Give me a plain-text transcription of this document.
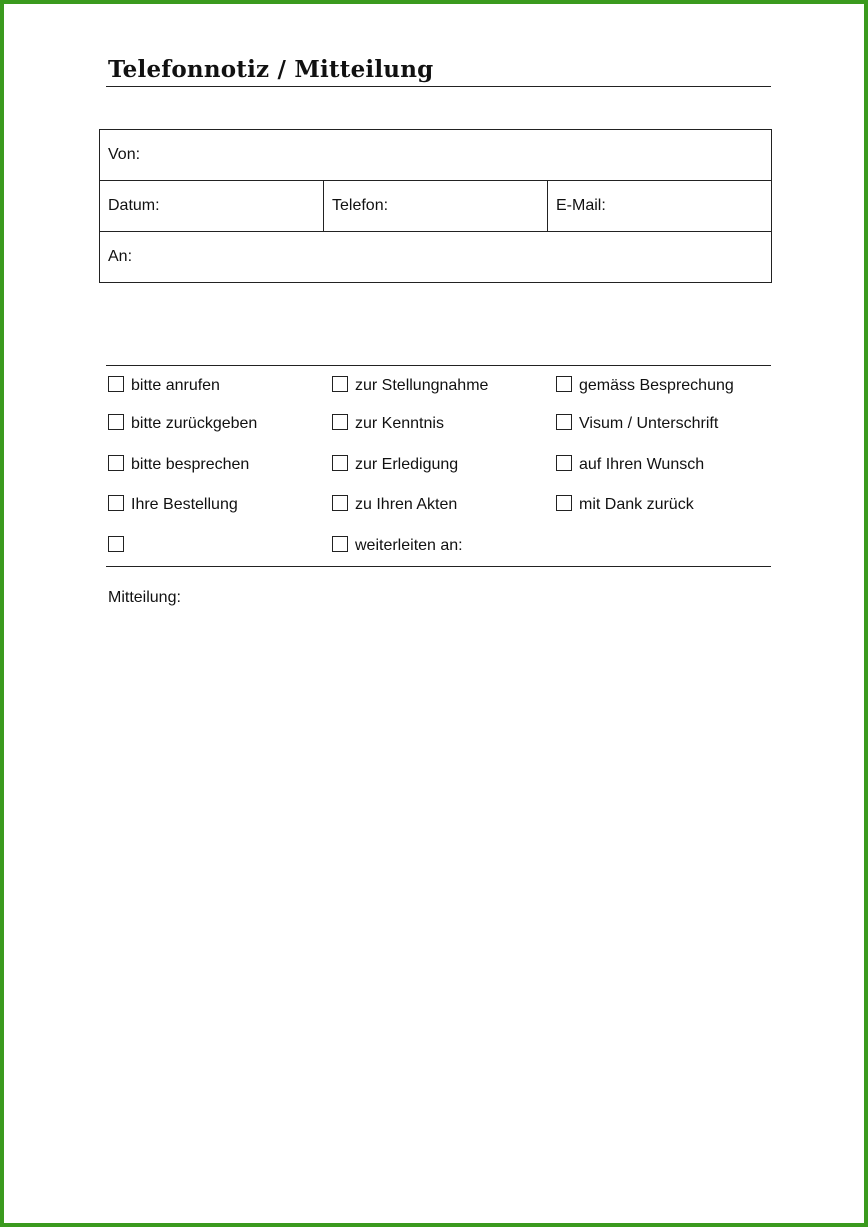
Telefonnotiz / Mitteilung
Von:
Datum:	Telefon:	E-Mail:
An:
bitte anrufen
bitte zurückgeben
bitte besprechen
Ihre Bestellung
zur Stellungnahme
zur Kenntnis
zur Erledigung
zu Ihren Akten
weiterleiten an:
gemäss Besprechung
Visum / Unterschrift
auf Ihren Wunsch
mit Dank zurück
Mitteilung:
